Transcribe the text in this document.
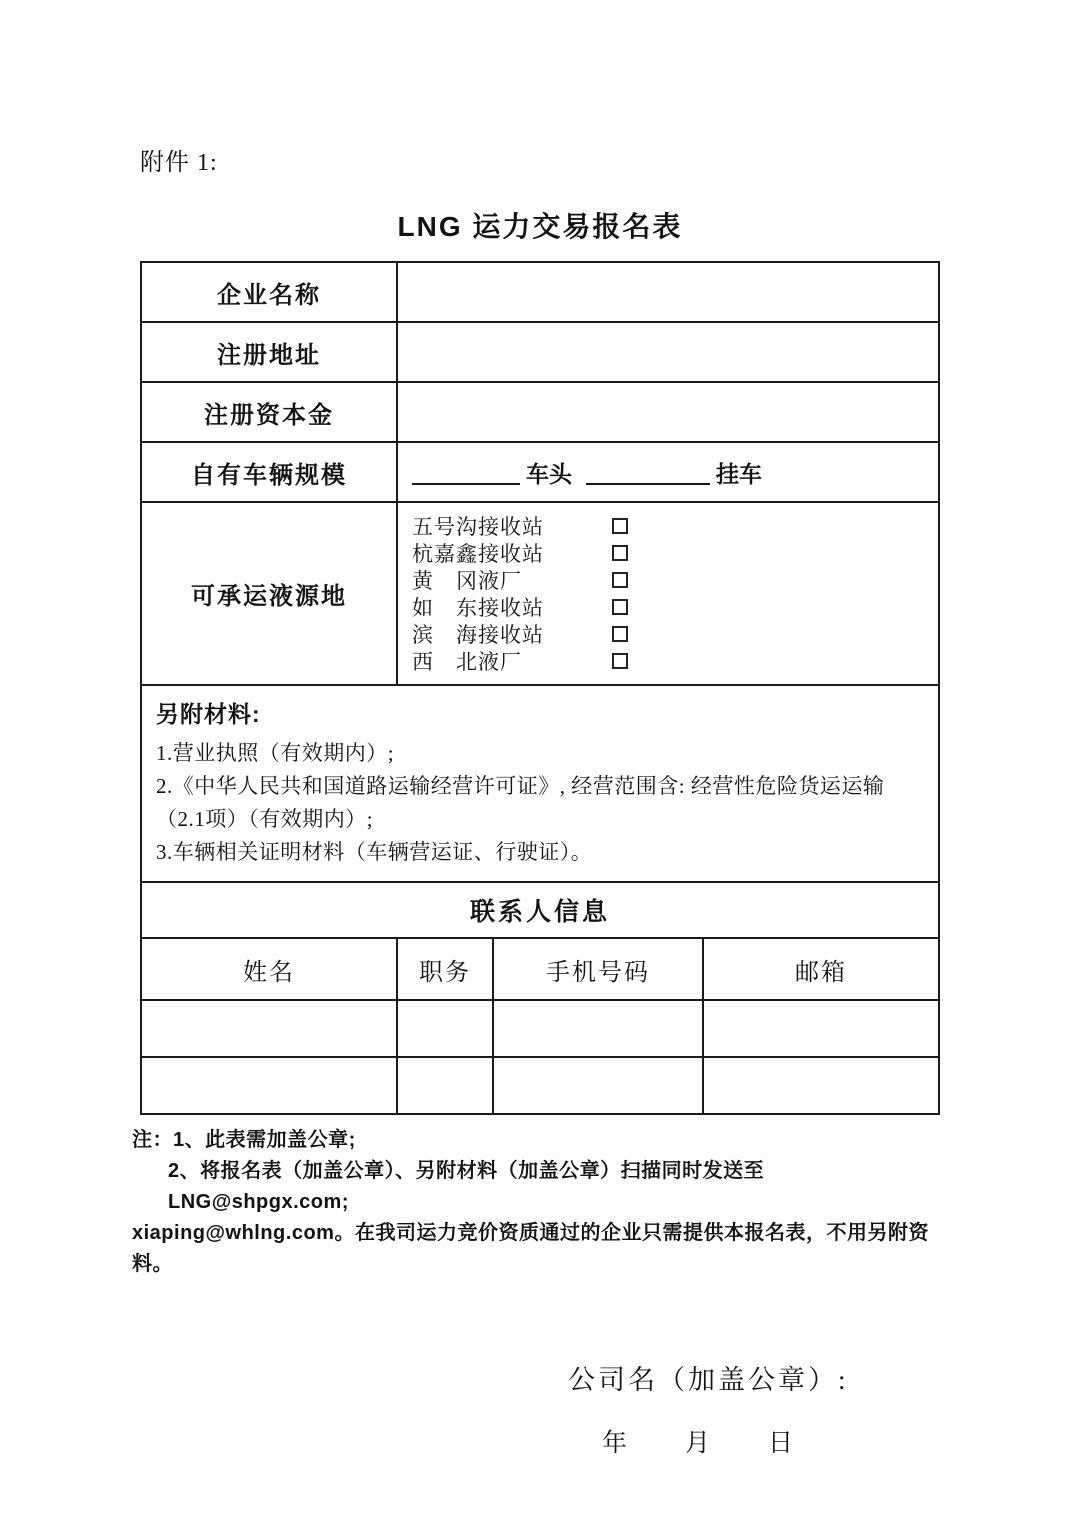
附件 1:
LNG 运力交易报名表
企业名称
注册地址
注册资本金
自有车辆规模	车头	挂车
可承运液源地
五号沟接收站
杭嘉鑫接收站
黄　冈液厂
如　东接收站
滨　海接收站
西　北液厂
另附材料:
1.营业执照（有效期内）;
2.《中华人民共和国道路运输经营许可证》, 经营范围含: 经营性危险货运运输（2.1项）（有效期内）;
3.车辆相关证明材料（车辆营运证、行驶证）。
联系人信息
姓名	职务	手机号码	邮箱
注：1、此表需加盖公章;
2、将报名表（加盖公章）、另附材料（加盖公章）扫描同时发送至 LNG@shpgx.com;
xiaping@whlng.com。在我司运力竞价资质通过的企业只需提供本报名表，不用另附资料。
公司名（加盖公章）:
年 月 日
